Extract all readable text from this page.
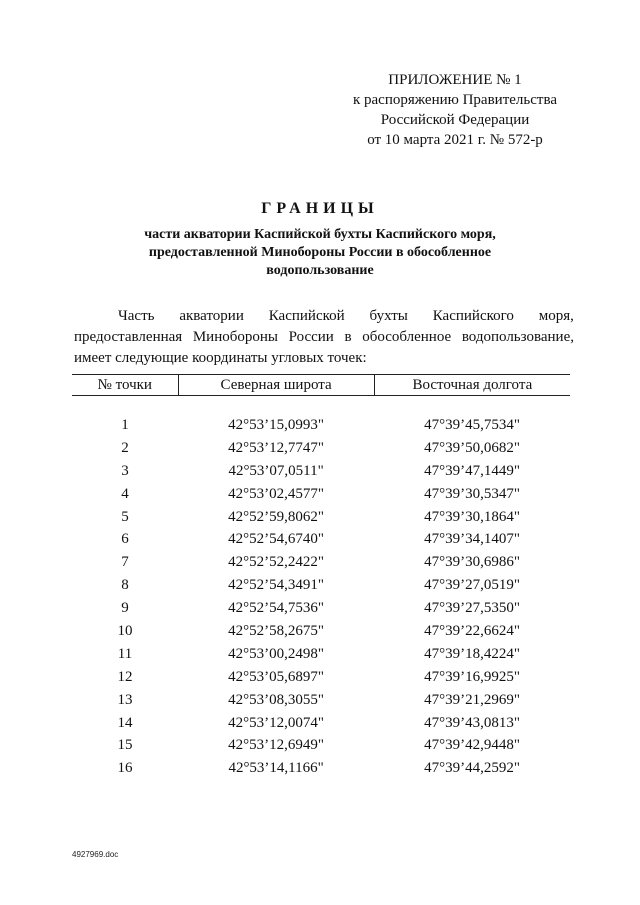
ПРИЛОЖЕНИЕ № 1
к распоряжению Правительства
Российской Федерации
от 10 марта 2021 г. № 572-р
ГРАНИЦЫ
части акватории Каспийской бухты Каспийского моря,
предоставленной Минобороны России в обособленное
водопользование
Часть акватории Каспийской бухты Каспийского моря,
предоставленная Минобороны России в обособленное водопользование,
имеет следующие координаты угловых точек:
№ точки	Северная широта	Восточная долгота

1	42°53’15,0993"	47°39’45,7534"
2	42°53’12,7747"	47°39’50,0682"
3	42°53’07,0511"	47°39’47,1449"
4	42°53’02,4577"	47°39’30,5347"
5	42°52’59,8062"	47°39’30,1864"
6	42°52’54,6740"	47°39’34,1407"
7	42°52’52,2422"	47°39’30,6986"
8	42°52’54,3491"	47°39’27,0519"
9	42°52’54,7536"	47°39’27,5350"
10	42°52’58,2675"	47°39’22,6624"
11	42°53’00,2498"	47°39’18,4224"
12	42°53’05,6897"	47°39’16,9925"
13	42°53’08,3055"	47°39’21,2969"
14	42°53’12,0074"	47°39’43,0813"
15	42°53’12,6949"	47°39’42,9448"
16	42°53’14,1166"	47°39’44,2592"
4927969.doc
